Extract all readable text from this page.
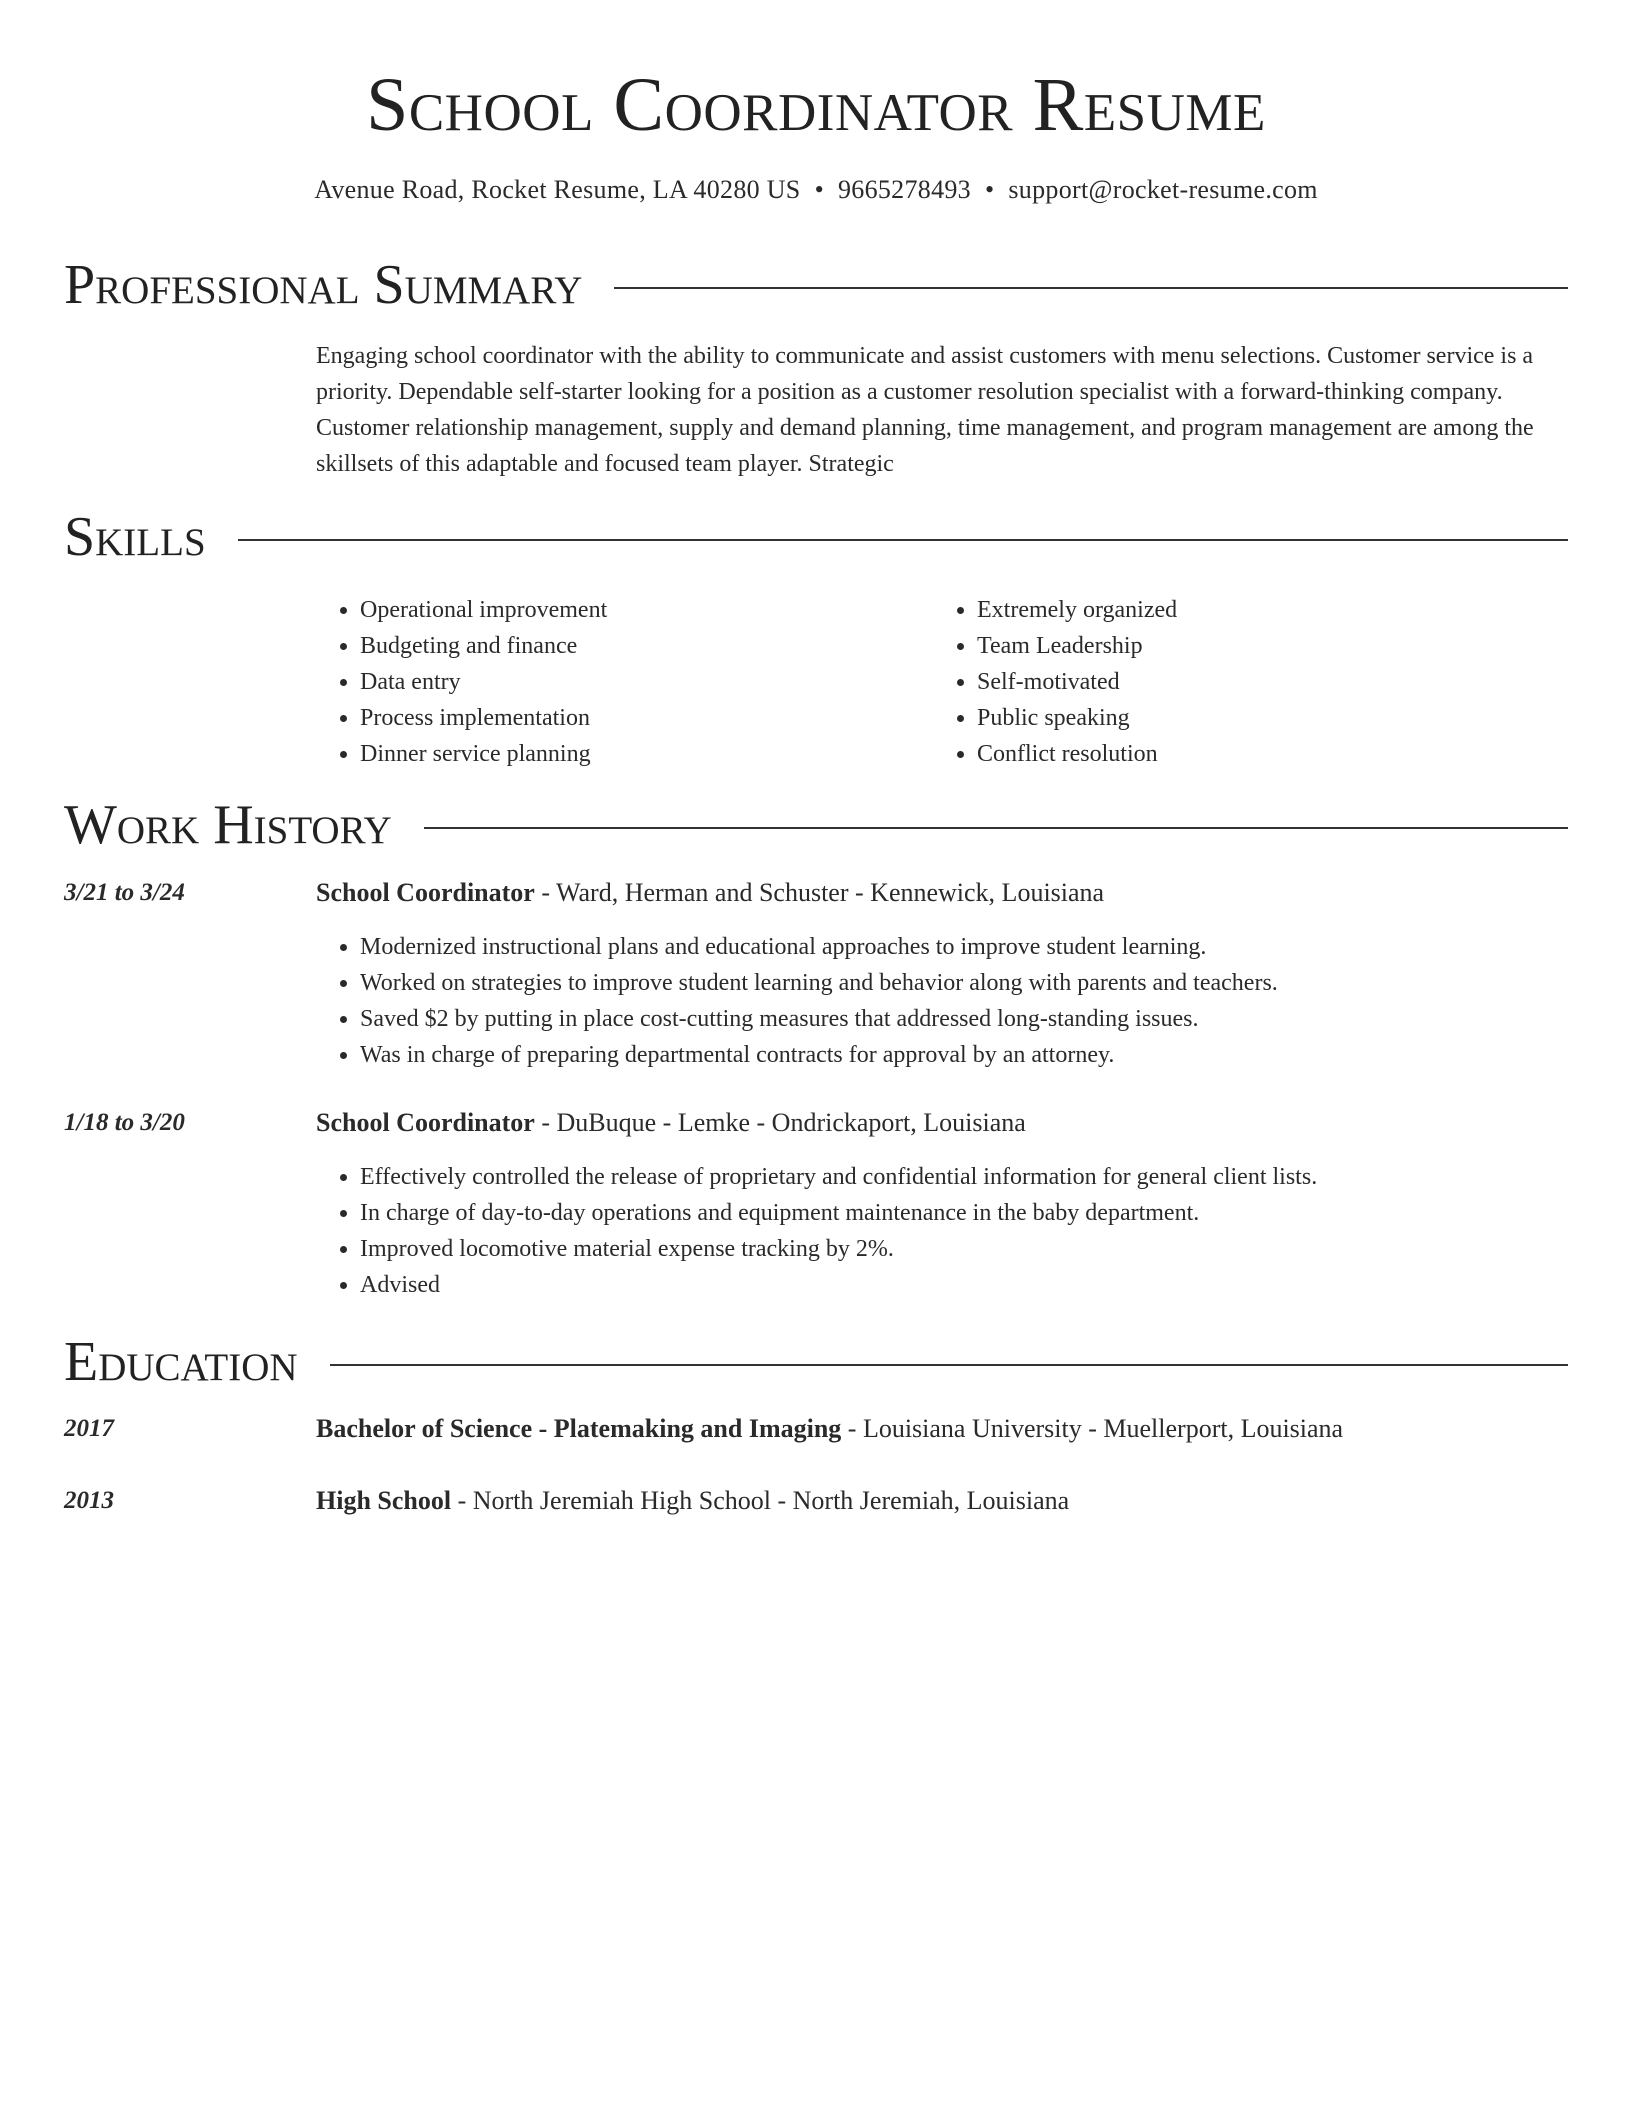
School Coordinator Resume
Avenue Road, Rocket Resume, LA 40280 US • 9665278493 • support@rocket-resume.com
Professional Summary

Engaging school coordinator with the ability to communicate and assist customers with menu selections. Customer service is a priority. Dependable self-starter looking for a position as a customer resolution specialist with a forward-thinking company. Customer relationship management, supply and demand planning, time management, and program management are among the skillsets of this adaptable and focused team player. Strategic

Skills
• Operational improvement
• Budgeting and finance
• Data entry
• Process implementation
• Dinner service planning
• Extremely organized
• Team Leadership
• Self-motivated
• Public speaking
• Conflict resolution
Work History
3/21 to 3/24	School Coordinator - Ward, Herman and Schuster - Kennewick, Louisiana
• Modernized instructional plans and educational approaches to improve student learning.
• Worked on strategies to improve student learning and behavior along with parents and teachers.
• Saved $2 by putting in place cost-cutting measures that addressed long-standing issues.
• Was in charge of preparing departmental contracts for approval by an attorney.
1/18 to 3/20	School Coordinator - DuBuque - Lemke - Ondrickaport, Louisiana
• Effectively controlled the release of proprietary and confidential information for general client lists.
• In charge of day-to-day operations and equipment maintenance in the baby department.
• Improved locomotive material expense tracking by 2%.
• Advised
Education
2017	Bachelor of Science - Platemaking and Imaging - Louisiana University - Muellerport, Louisiana
2013	High School - North Jeremiah High School - North Jeremiah, Louisiana
